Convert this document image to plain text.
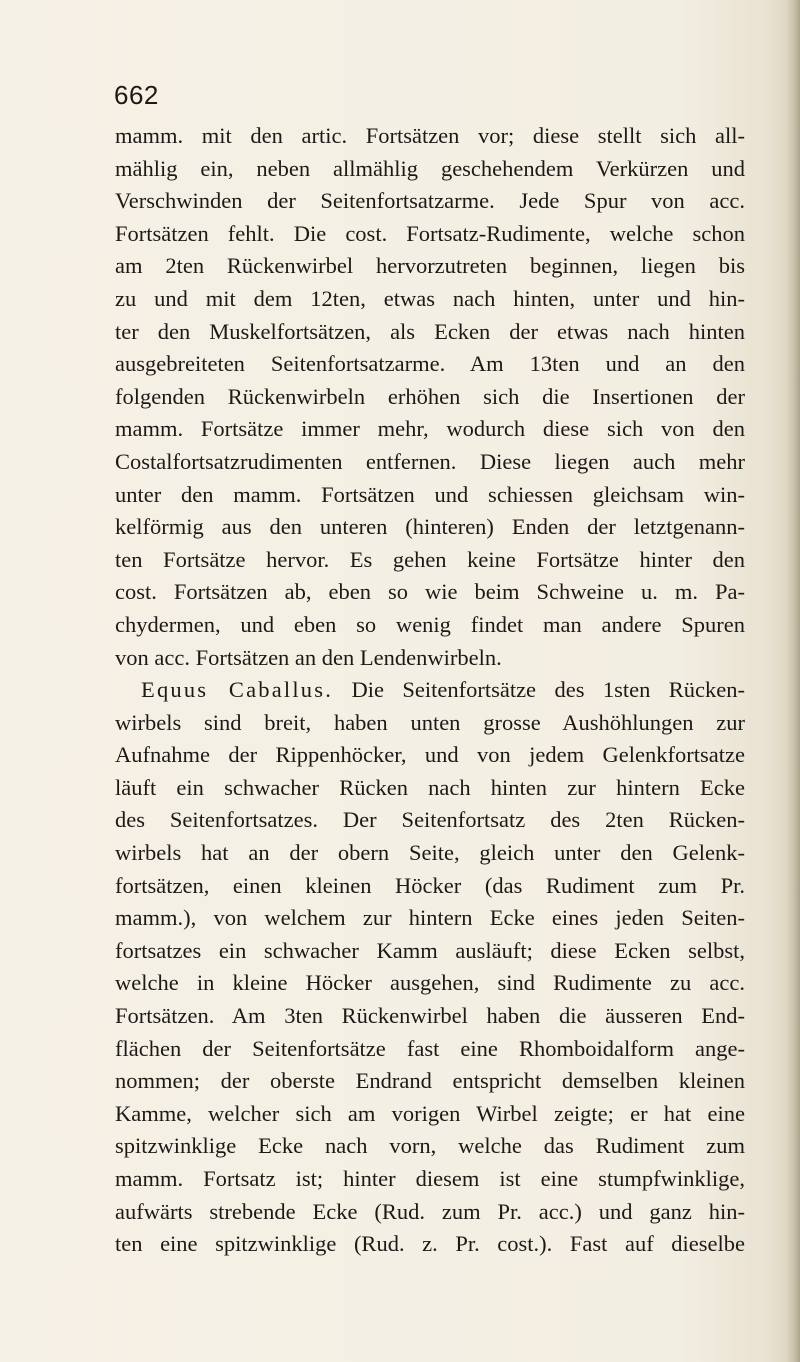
662
mamm. mit den artic. Fortsätzen vor; diese stellt sich all-
mählig ein, neben allmählig geschehendem Verkürzen und
Verschwinden der Seitenfortsatzarme. Jede Spur von acc.
Fortsätzen fehlt. Die cost. Fortsatz-Rudimente, welche schon
am 2ten Rückenwirbel hervorzutreten beginnen, liegen bis
zu und mit dem 12ten, etwas nach hinten, unter und hin-
ter den Muskelfortsätzen, als Ecken der etwas nach hinten
ausgebreiteten Seitenfortsatzarme. Am 13ten und an den
folgenden Rückenwirbeln erhöhen sich die Insertionen der
mamm. Fortsätze immer mehr, wodurch diese sich von den
Costalfortsatzrudimenten entfernen. Diese liegen auch mehr
unter den mamm. Fortsätzen und schiessen gleichsam win-
kelförmig aus den unteren (hinteren) Enden der letztgenann-
ten Fortsätze hervor. Es gehen keine Fortsätze hinter den
cost. Fortsätzen ab, eben so wie beim Schweine u. m. Pa-
chydermen, und eben so wenig findet man andere Spuren
von acc. Fortsätzen an den Lendenwirbeln.
Equus Caballus. Die Seitenfortsätze des 1sten Rücken-
wirbels sind breit, haben unten grosse Aushöhlungen zur
Aufnahme der Rippenhöcker, und von jedem Gelenkfortsatze
läuft ein schwacher Rücken nach hinten zur hintern Ecke
des Seitenfortsatzes. Der Seitenfortsatz des 2ten Rücken-
wirbels hat an der obern Seite, gleich unter den Gelenk-
fortsätzen, einen kleinen Höcker (das Rudiment zum Pr.
mamm.), von welchem zur hintern Ecke eines jeden Seiten-
fortsatzes ein schwacher Kamm ausläuft; diese Ecken selbst,
welche in kleine Höcker ausgehen, sind Rudimente zu acc.
Fortsätzen. Am 3ten Rückenwirbel haben die äusseren End-
flächen der Seitenfortsätze fast eine Rhomboidalform ange-
nommen; der oberste Endrand entspricht demselben kleinen
Kamme, welcher sich am vorigen Wirbel zeigte; er hat eine
spitzwinklige Ecke nach vorn, welche das Rudiment zum
mamm. Fortsatz ist; hinter diesem ist eine stumpfwinklige,
aufwärts strebende Ecke (Rud. zum Pr. acc.) und ganz hin-
ten eine spitzwinklige (Rud. z. Pr. cost.). Fast auf dieselbe
